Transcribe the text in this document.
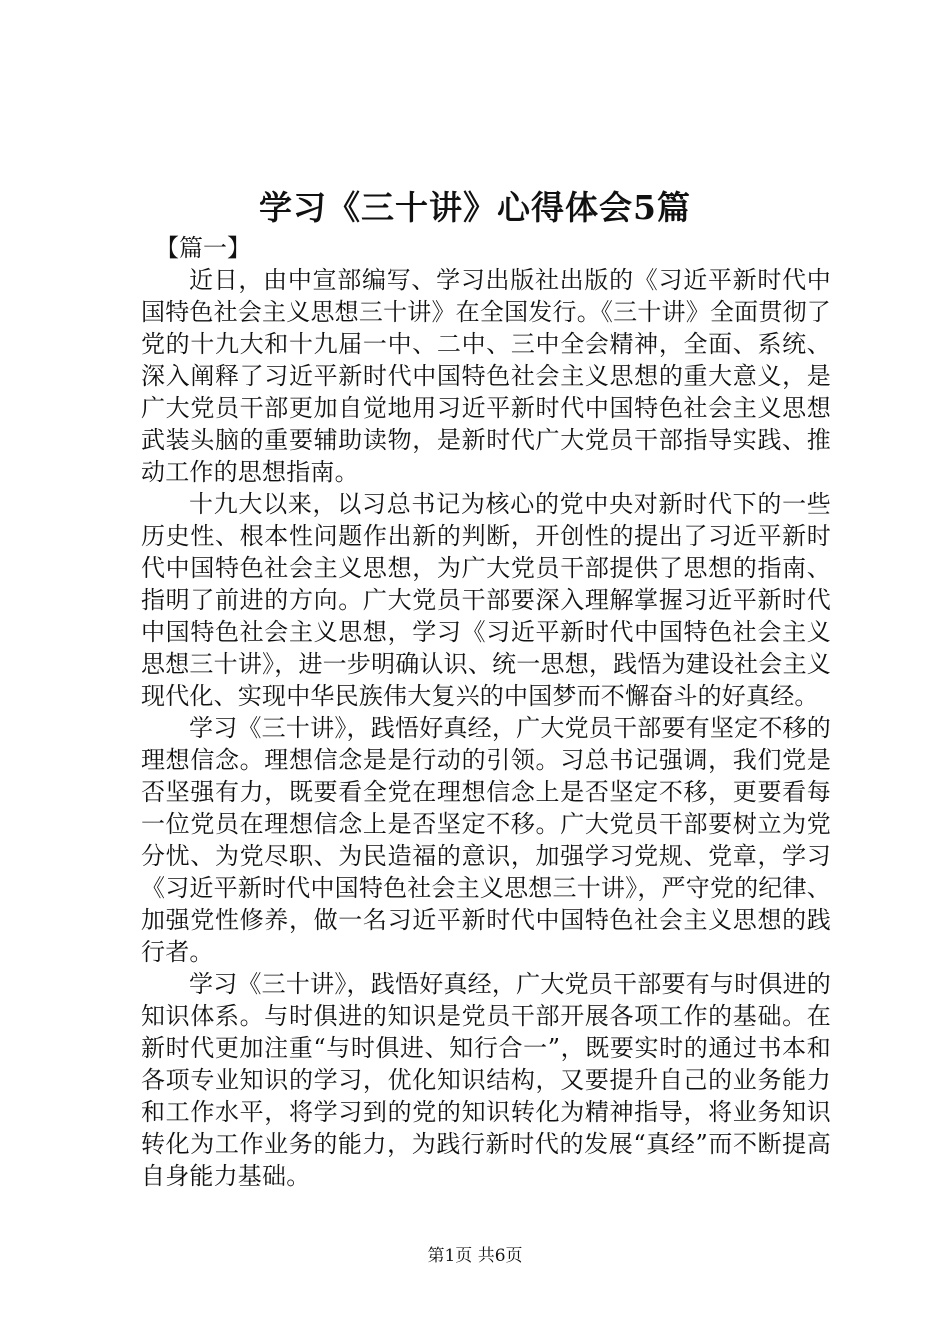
学习《三十讲》心得体会5篇

【篇一】

近日，由中宣部编写、学习出版社出版的《习近平新时代中国特色社会主义思想三十讲》在全国发行。《三十讲》全面贯彻了党的十九大和十九届一中、二中、三中全会精神，全面、系统、深入阐释了习近平新时代中国特色社会主义思想的重大意义，是广大党员干部更加自觉地用习近平新时代中国特色社会主义思想武装头脑的重要辅助读物，是新时代广大党员干部指导实践、推动工作的思想指南。

十九大以来，以习总书记为核心的党中央对新时代下的一些历史性、根本性问题作出新的判断，开创性的提出了习近平新时代中国特色社会主义思想，为广大党员干部提供了思想的指南、指明了前进的方向。广大党员干部要深入理解掌握习近平新时代中国特色社会主义思想，学习《习近平新时代中国特色社会主义思想三十讲》，进一步明确认识、统一思想，践悟为建设社会主义现代化、实现中华民族伟大复兴的中国梦而不懈奋斗的好真经。

学习《三十讲》，践悟好真经，广大党员干部要有坚定不移的理想信念。理想信念是是行动的引领。习总书记强调，我们党是否坚强有力，既要看全党在理想信念上是否坚定不移，更要看每一位党员在理想信念上是否坚定不移。广大党员干部要树立为党分忧、为党尽职、为民造福的意识，加强学习党规、党章，学习《习近平新时代中国特色社会主义思想三十讲》，严守党的纪律、加强党性修养，做一名习近平新时代中国特色社会主义思想的践行者。

学习《三十讲》，践悟好真经，广大党员干部要有与时俱进的知识体系。与时俱进的知识是党员干部开展各项工作的基础。在新时代更加注重“与时俱进、知行合一”，既要实时的通过书本和各项专业知识的学习，优化知识结构，又要提升自己的业务能力和工作水平，将学习到的党的知识转化为精神指导，将业务知识转化为工作业务的能力，为践行新时代的发展“真经”而不断提高自身能力基础。

第1页 共6页
